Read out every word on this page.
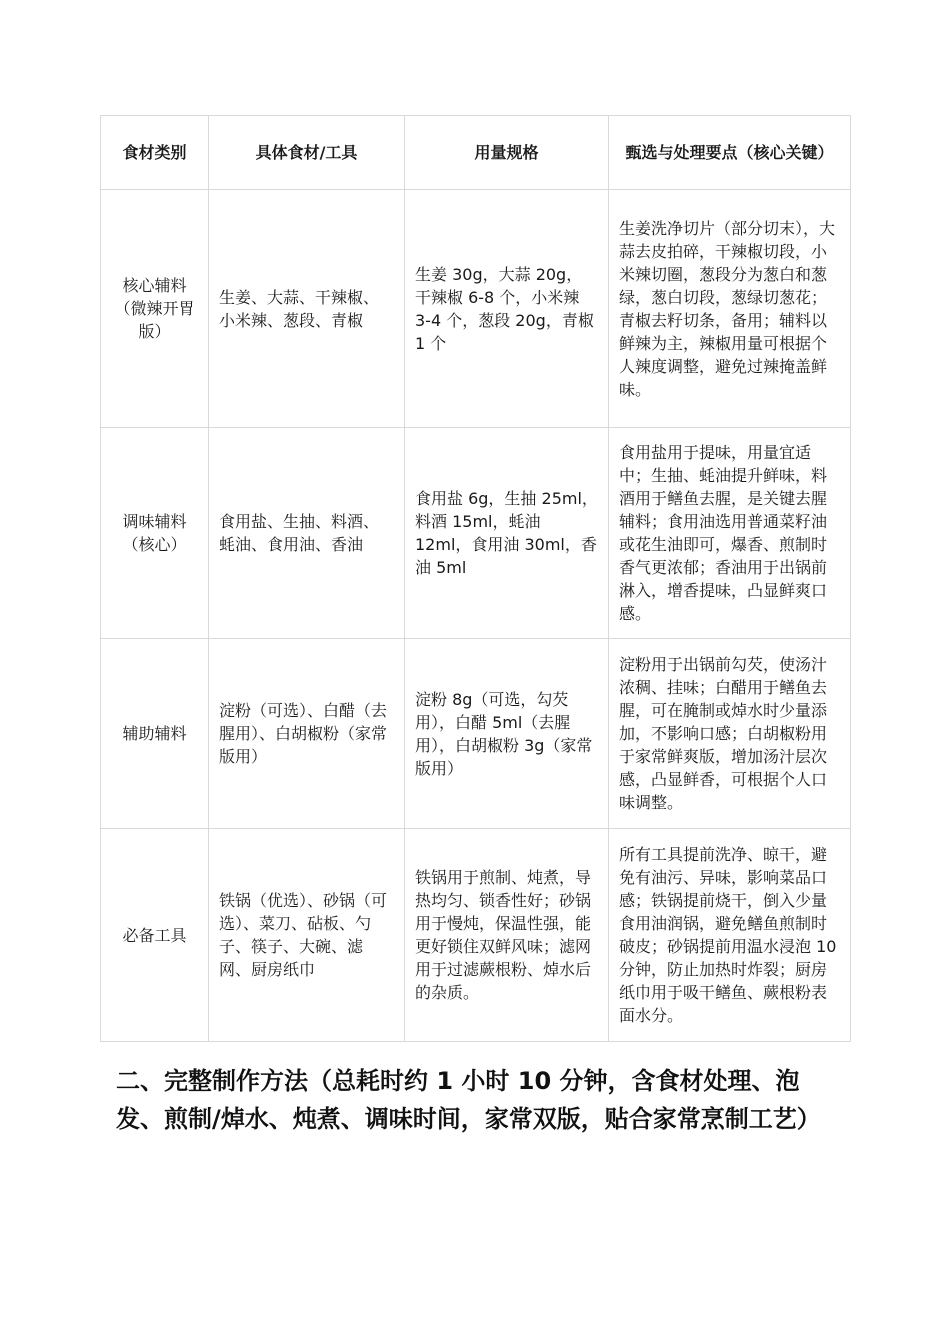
食材类别	具体食材/工具	用量规格	甄选与处理要点（核心关键）
核心辅料（微辣开胃版）	生姜、大蒜、干辣椒、小米辣、葱段、青椒	生姜 30g，大蒜 20g，干辣椒 6-8 个，小米辣 3-4 个，葱段 20g，青椒 1 个	生姜洗净切片（部分切末），大蒜去皮拍碎，干辣椒切段，小米辣切圈，葱段分为葱白和葱绿，葱白切段，葱绿切葱花；青椒去籽切条，备用；辅料以鲜辣为主，辣椒用量可根据个人辣度调整，避免过辣掩盖鲜味。
调味辅料（核心）	食用盐、生抽、料酒、蚝油、食用油、香油	食用盐 6g，生抽 25ml，料酒 15ml，蚝油 12ml，食用油 30ml，香油 5ml	食用盐用于提味，用量宜适中；生抽、蚝油提升鲜味，料酒用于鳝鱼去腥，是关键去腥辅料；食用油选用普通菜籽油或花生油即可，爆香、煎制时香气更浓郁；香油用于出锅前淋入，增香提味，凸显鲜爽口感。
辅助辅料	淀粉（可选）、白醋（去腥用）、白胡椒粉（家常版用）	淀粉 8g（可选，勾芡用），白醋 5ml（去腥用），白胡椒粉 3g（家常版用）	淀粉用于出锅前勾芡，使汤汁浓稠、挂味；白醋用于鳝鱼去腥，可在腌制或焯水时少量添加，不影响口感；白胡椒粉用于家常鲜爽版，增加汤汁层次感，凸显鲜香，可根据个人口味调整。
必备工具	铁锅（优选）、砂锅（可选）、菜刀、砧板、勺子、筷子、大碗、滤网、厨房纸巾	铁锅用于煎制、炖煮，导热均匀、锁香性好；砂锅用于慢炖，保温性强，能更好锁住双鲜风味；滤网用于过滤蕨根粉、焯水后的杂质。	所有工具提前洗净、晾干，避免有油污、异味，影响菜品口感；铁锅提前烧干，倒入少量食用油润锅，避免鳝鱼煎制时破皮；砂锅提前用温水浸泡 10 分钟，防止加热时炸裂；厨房纸巾用于吸干鳝鱼、蕨根粉表面水分。
二、完整制作方法（总耗时约 1 小时 10 分钟，含食材处理、泡发、煎制/焯水、炖煮、调味时间，家常双版，贴合家常烹制工艺）
